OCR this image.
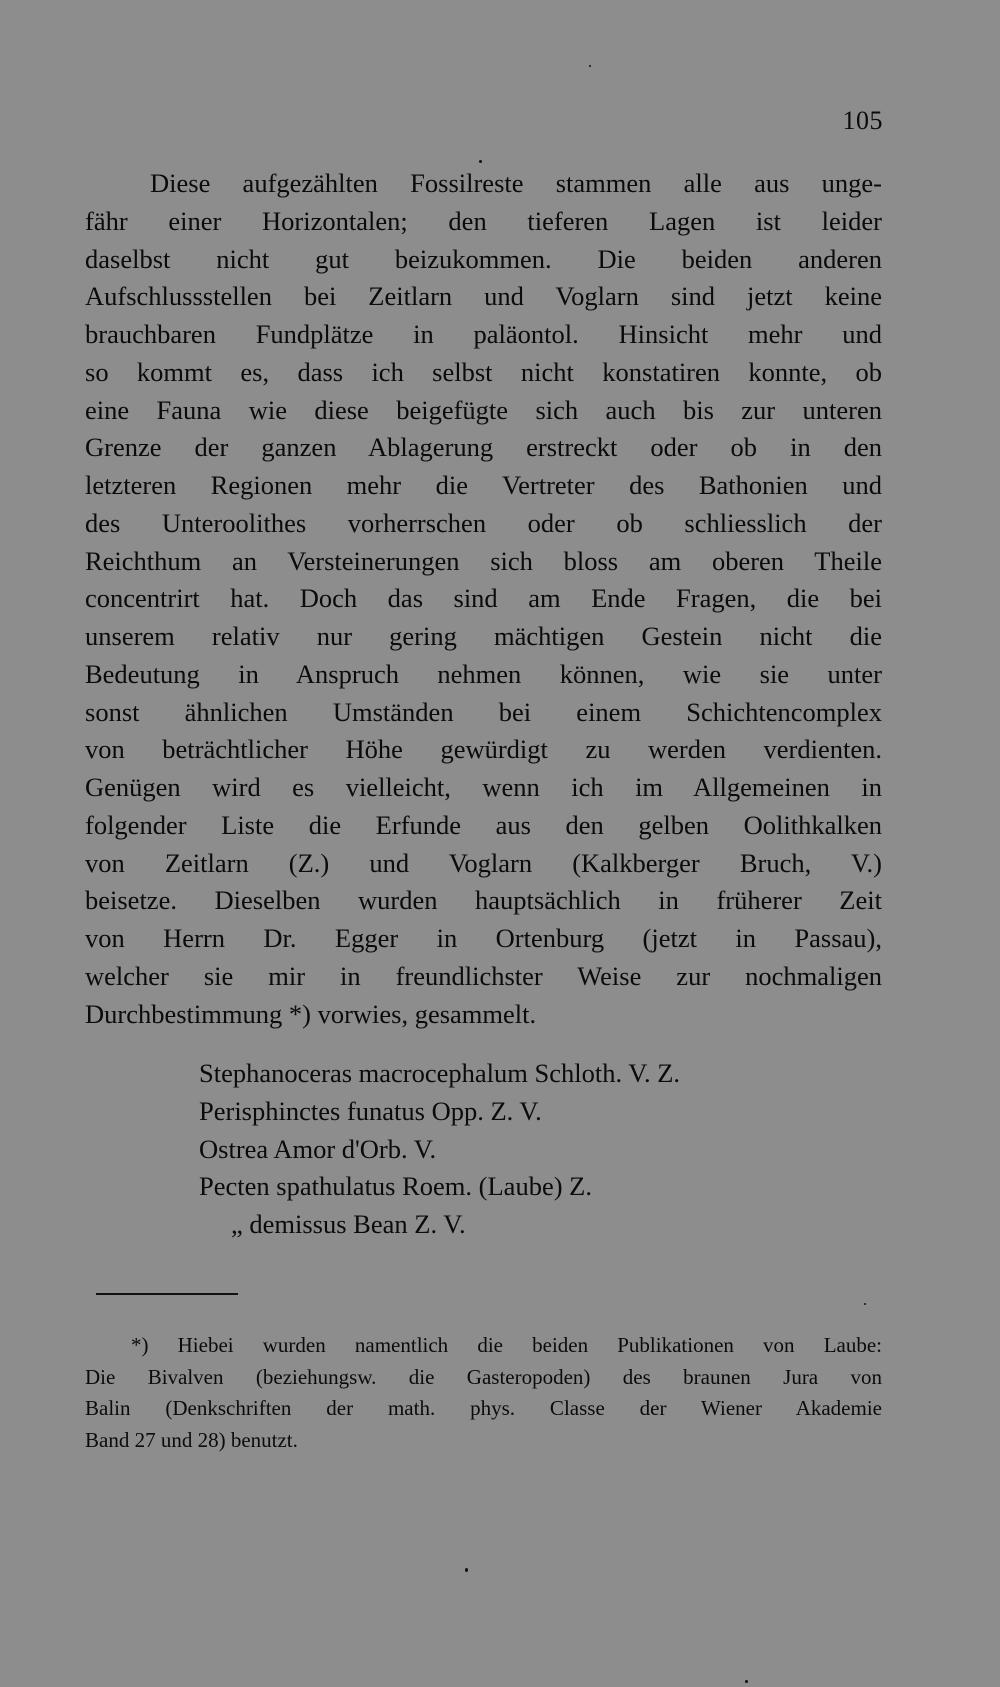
105
Diese aufgezählten Fossilreste stammen alle aus unge-
fähr einer Horizontalen; den tieferen Lagen ist leider
daselbst nicht gut beizukommen. Die beiden anderen
Aufschlussstellen bei Zeitlarn und Voglarn sind jetzt keine
brauchbaren Fundplätze in paläontol. Hinsicht mehr und
so kommt es, dass ich selbst nicht konstatiren konnte, ob
eine Fauna wie diese beigefügte sich auch bis zur unteren
Grenze der ganzen Ablagerung erstreckt oder ob in den
letzteren Regionen mehr die Vertreter des Bathonien und
des Unteroolithes vorherrschen oder ob schliesslich der
Reichthum an Versteinerungen sich bloss am oberen Theile
concentrirt hat. Doch das sind am Ende Fragen, die bei
unserem relativ nur gering mächtigen Gestein nicht die
Bedeutung in Anspruch nehmen können, wie sie unter
sonst ähnlichen Umständen bei einem Schichtencomplex
von beträchtlicher Höhe gewürdigt zu werden verdienten.
Genügen wird es vielleicht, wenn ich im Allgemeinen in
folgender Liste die Erfunde aus den gelben Oolithkalken
von Zeitlarn (Z.) und Voglarn (Kalkberger Bruch, V.)
beisetze. Dieselben wurden hauptsächlich in früherer Zeit
von Herrn Dr. Egger in Ortenburg (jetzt in Passau),
welcher sie mir in freundlichster Weise zur nochmaligen
Durchbestimmung *) vorwies, gesammelt.
Stephanoceras macrocephalum Schloth. V. Z.
Perisphinctes funatus Opp. Z. V.
Ostrea Amor d'Orb. V.
Pecten spathulatus Roem. (Laube) Z.
„ demissus Bean Z. V.
*) Hiebei wurden namentlich die beiden Publikationen von Laube:
Die Bivalven (beziehungsw. die Gasteropoden) des braunen Jura von
Balin (Denkschriften der math. phys. Classe der Wiener Akademie
Band 27 und 28) benutzt.
